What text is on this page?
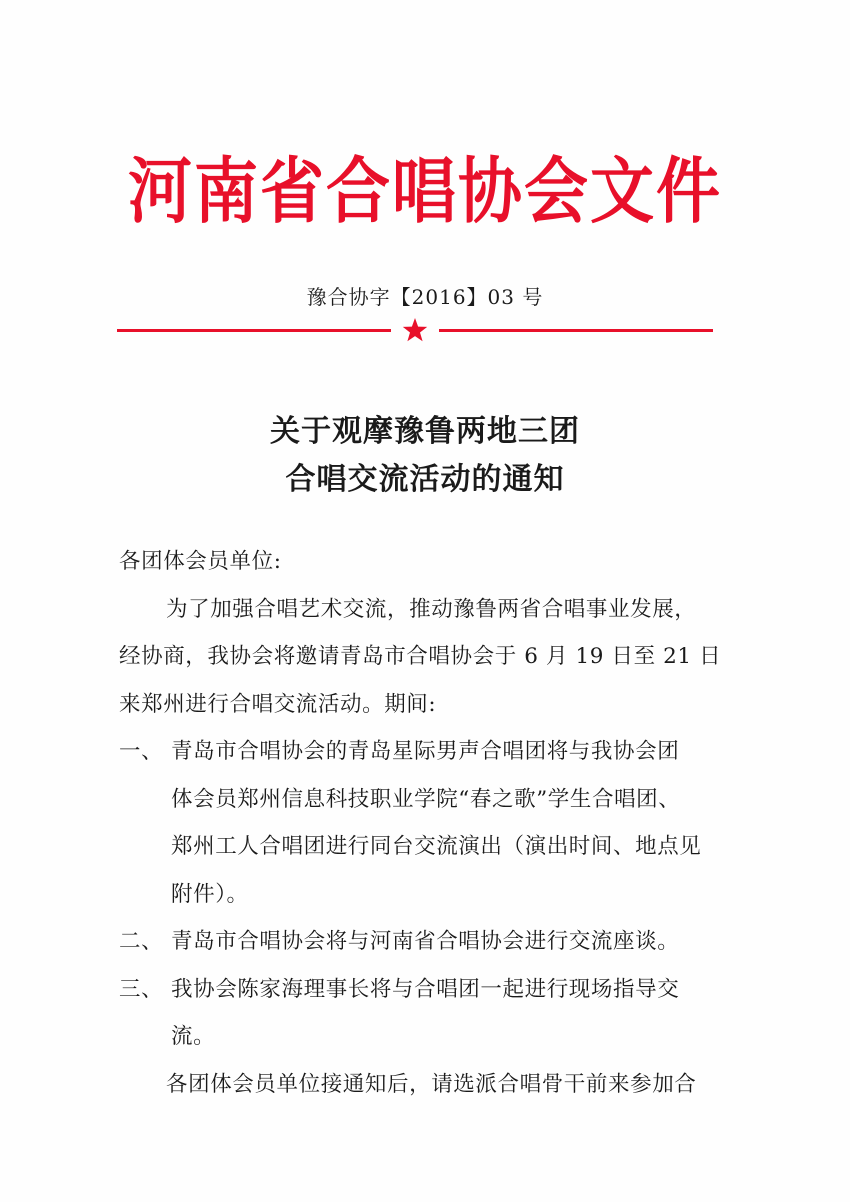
河南省合唱协会文件
豫合协字【2016】03 号
关于观摩豫鲁两地三团
合唱交流活动的通知

各团体会员单位:

为了加强合唱艺术交流，推动豫鲁两省合唱事业发展，

经协商，我协会将邀请青岛市合唱协会于 6 月 19 日至 21 日

来郑州进行合唱交流活动。期间:

一、 青岛市合唱协会的青岛星际男声合唱团将与我协会团
体会员郑州信息科技职业学院“春之歌”学生合唱团、
郑州工人合唱团进行同台交流演出（演出时间、地点见
附件）。
二、 青岛市合唱协会将与河南省合唱协会进行交流座谈。
三、 我协会陈家海理事长将与合唱团一起进行现场指导交
流。

各团体会员单位接通知后，请选派合唱骨干前来参加合
